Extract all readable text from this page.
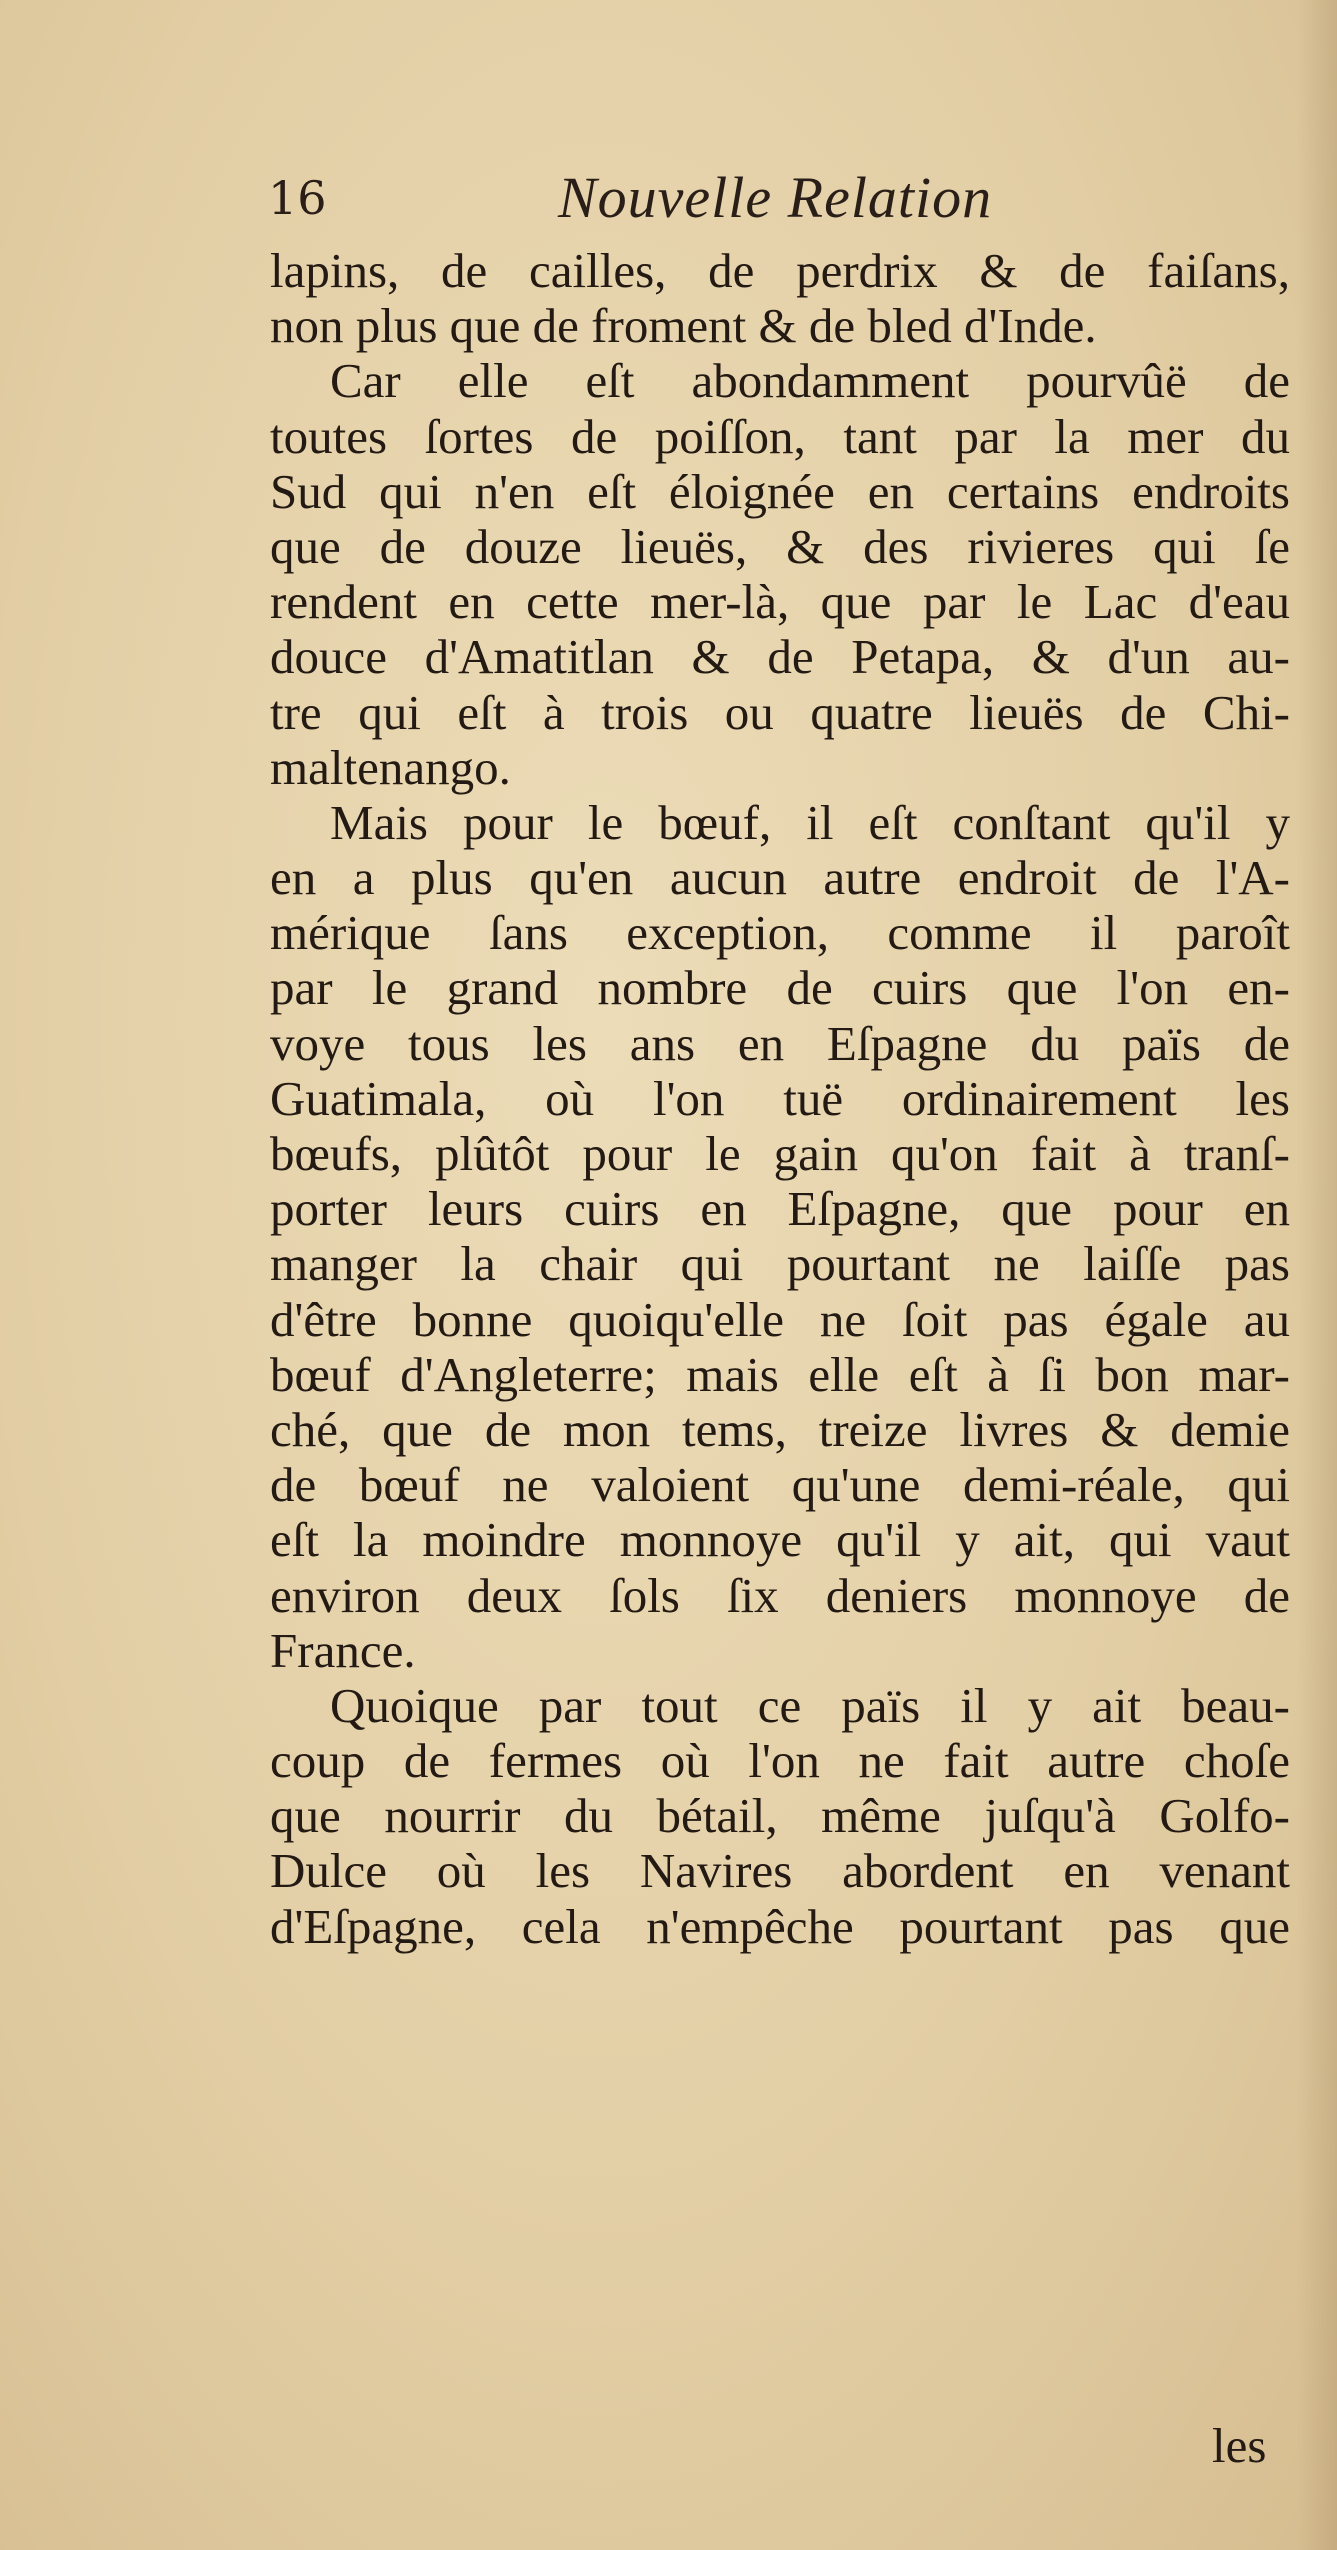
16	Nouvelle Relation
lapins, de cailles, de perdrix & de faiſans,
non plus que de froment & de bled d'Inde.
Car elle eſt abondamment pourvûë de
toutes ſortes de poiſſon, tant par la mer du
Sud qui n'en eſt éloignée en certains endroits
que de douze lieuës, & des rivieres qui ſe
rendent en cette mer-là, que par le Lac d'eau
douce d'Amatitlan & de Petapa, & d'un au-
tre qui eſt à trois ou quatre lieuës de Chi-
maltenango.
Mais pour le bœuf, il eſt conſtant qu'il y
en a plus qu'en aucun autre endroit de l'A-
mérique ſans exception, comme il paroît
par le grand nombre de cuirs que l'on en-
voye tous les ans en Eſpagne du païs de
Guatimala, où l'on tuë ordinairement les
bœufs, plûtôt pour le gain qu'on fait à tranſ-
porter leurs cuirs en Eſpagne, que pour en
manger la chair qui pourtant ne laiſſe pas
d'être bonne quoiqu'elle ne ſoit pas égale au
bœuf d'Angleterre; mais elle eſt à ſi bon mar-
ché, que de mon tems, treize livres & demie
de bœuf ne valoient qu'une demi-réale, qui
eſt la moindre monnoye qu'il y ait, qui vaut
environ deux ſols ſix deniers monnoye de
France.
Quoique par tout ce païs il y ait beau-
coup de fermes où l'on ne fait autre choſe
que nourrir du bétail, même juſqu'à Golfo-
Dulce où les Navires abordent en venant
d'Eſpagne, cela n'empêche pourtant pas que
les
